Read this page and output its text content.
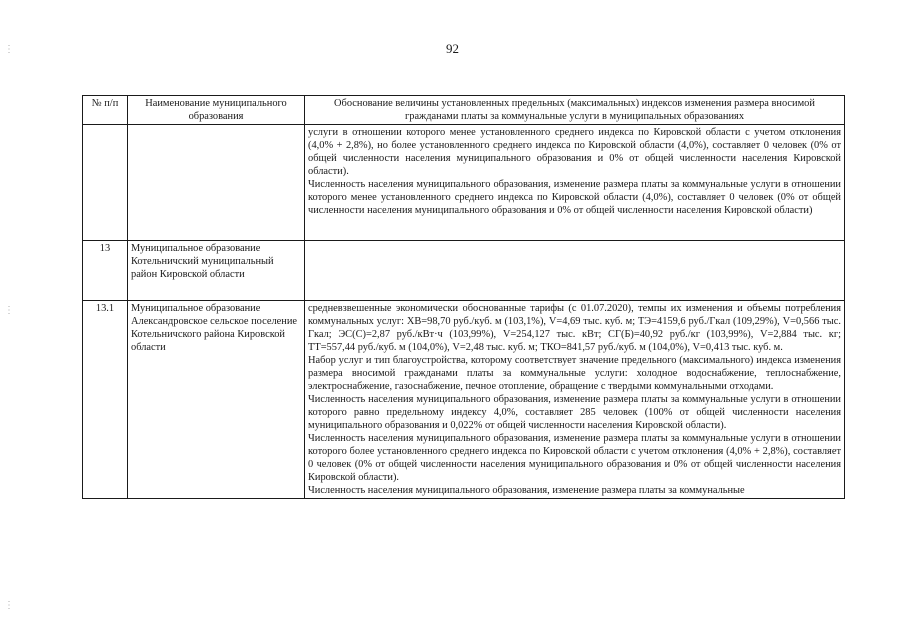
⋮
⋮
⋮
92
№ п/п	Наименование муниципального образования	Обоснование величины установленных предельных (максимальных) индексов изменения размера вносимой гражданами платы за коммунальные услуги в муниципальных образованиях

		услуги в отношении которого менее установленного среднего индекса по Кировской области с учетом отклонения (4,0% + 2,8%), но более установленного среднего индекса по Кировской области (4,0%), составляет 0 человек (0% от общей численности населения муниципального образования и 0% от общей численности населения Кировской области).
Численность населения муниципального образования, изменение размера платы за коммунальные услуги в отношении которого менее установленного среднего индекса по Кировской области (4,0%), составляет 0 человек (0% от общей численности населения муниципального образования и 0% от общей численности населения Кировской области)

13	Муниципальное образование Котельничский муниципальный район Кировской области	
13.1	Муниципальное образование Александровское сельское поселение Котельничского района Кировской области	средневзвешенные экономически обоснованные тарифы (с 01.07.2020), темпы их изменения и объемы потребления коммунальных услуг: ХВ=98,70 руб./куб. м (103,1%), V=4,69 тыс. куб. м; ТЭ=4159,6 руб./Гкал (109,29%), V=0,566 тыс. Гкал; ЭС(С)=2,87 руб./кВт·ч (103,99%), V=254,127 тыс. кВт; СГ(Б)=40,92 руб./кг (103,99%), V=2,884 тыс. кг; ТТ=557,44 руб./куб. м (104,0%), V=2,48 тыс. куб. м; ТКО=841,57 руб./куб. м (104,0%), V=0,413 тыс. куб. м.
Набор услуг и тип благоустройства, которому соответствует значение предельного (максимального) индекса изменения размера вносимой гражданами платы за коммунальные услуги: холодное водоснабжение, теплоснабжение, электроснабжение, газоснабжение, печное отопление, обращение с твердыми коммунальными отходами.
Численность населения муниципального образования, изменение размера платы за коммунальные услуги в отношении которого равно предельному индексу 4,0%, составляет 285 человек (100% от общей численности населения муниципального образования и 0,022% от общей численности населения Кировской области).
Численность населения муниципального образования, изменение размера платы за коммунальные услуги в отношении которого более установленного среднего индекса по Кировской области с учетом отклонения (4,0% + 2,8%), составляет 0 человек (0% от общей численности населения муниципального образования и 0% от общей численности населения Кировской области).
Численность населения муниципального образования, изменение размера платы за коммунальные
